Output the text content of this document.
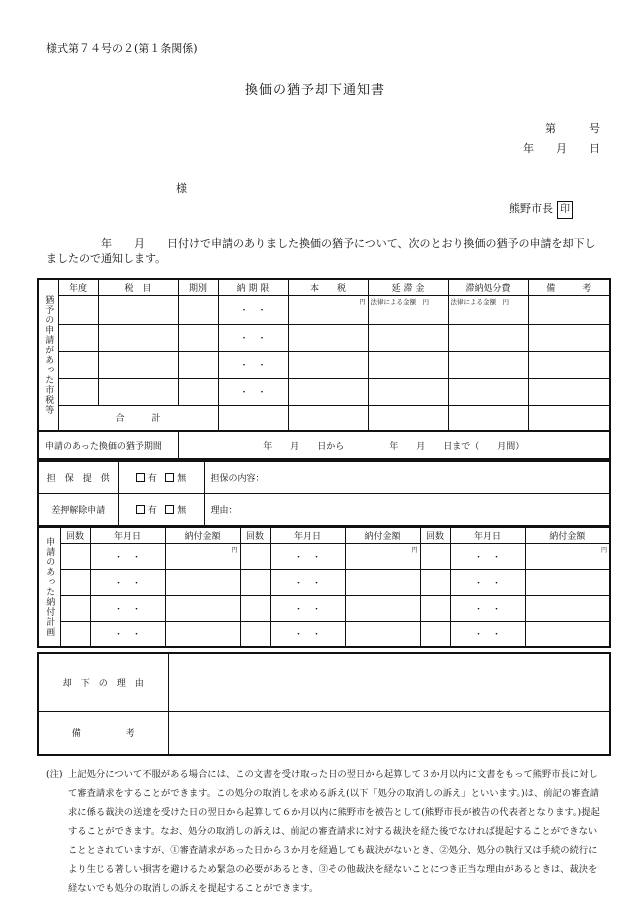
様式第７４号の２(第１条関係)
換価の猶予却下通知書
第　　　号
年　　月　　日
様
熊野市長 印
　　　　　年　　月　　日付けで申請のありました換価の猶予について、次のとおり換価の猶予の申請を却下しましたので通知します。
猶予の申請があった市税等	年度	税　目	期別	納 期 限	本　　税	延 滞 金	滞納処分費	備　　　考
				・　・	円	法律による金額　円	法律による金額　円	

				・　・				
				・　・				
				・　・				
	合　　　計							
申請のあった換価の猶予期間	年　　月　　日から　　　　　年　　月　　日まで（　　月間）
担　保　提　供	有 無	担保の内容：
差押解除申請	有 無	理由：
申請のあった納付計画	回数	年月日	納付金額	回数	年月日	納付金額	回数	年月日	納付金額
		・　・	円		・　・	円		・　・	円

		・　・			・　・			・　・	
		・　・			・　・			・　・	
		・　・			・　・			・　・	
却　下　の　理　由	
備　　　　　考	
(注) 上記処分について不服がある場合には、この文書を受け取った日の翌日から起算して３か月以内に文書をもって熊野市長に対して審査請求をすることができます。この処分の取消しを求める訴え(以下「処分の取消しの訴え」といいます。)は、前記の審査請求に係る裁決の送達を受けた日の翌日から起算して６か月以内に熊野市を被告として(熊野市長が被告の代表者となります。)提起することができます。なお、処分の取消しの訴えは、前記の審査請求に対する裁決を経た後でなければ提起することができないこととされていますが、①審査請求があった日から３か月を経過しても裁決がないとき、②処分、処分の執行又は手続の続行により生じる著しい損害を避けるため緊急の必要があるとき、③その他裁決を経ないことにつき正当な理由があるときは、裁決を経ないでも処分の取消しの訴えを提起することができます。
